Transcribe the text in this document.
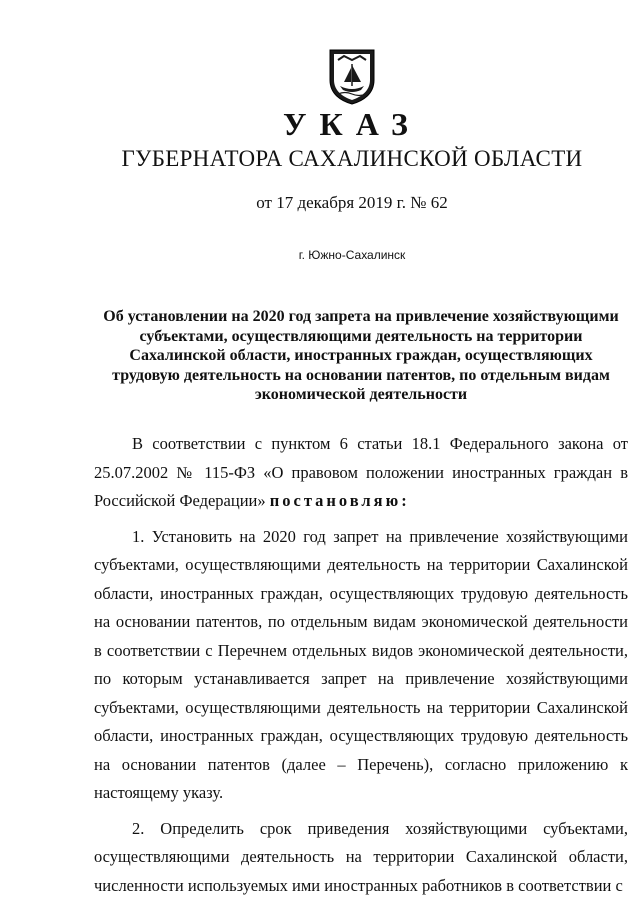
УКАЗ
ГУБЕРНАТОРА САХАЛИНСКОЙ ОБЛАСТИ
от 17 декабря 2019 г. № 62
г. Южно-Сахалинск
Об установлении на 2020 год запрета на привлечение хозяйствующими субъектами, осуществляющими деятельность на территории Сахалинской области, иностранных граждан, осуществляющих трудовую деятельность на основании патентов, по отдельным видам экономической деятельности

В соответствии с пунктом 6 статьи 18.1 Федерального закона от 25.07.2002 № 115-ФЗ «О правовом положении иностранных граждан в Российской Федерации» постановляю:

1. Установить на 2020 год запрет на привлечение хозяйствующими субъектами, осуществляющими деятельность на территории Сахалинской области, иностранных граждан, осуществляющих трудовую деятельность на основании патентов, по отдельным видам экономической деятельности в соответствии с Перечнем отдельных видов экономической деятельности, по которым устанавливается запрет на привлечение хозяйствующими субъектами, осуществляющими деятельность на территории Сахалинской области, иностранных граждан, осуществляющих трудовую деятельность на основании патентов (далее – Перечень), согласно приложению к настоящему указу.

2. Определить срок приведения хозяйствующими субъектами, осуществляющими деятельность на территории Сахалинской области, численности используемых ими иностранных работников в соответствии с
